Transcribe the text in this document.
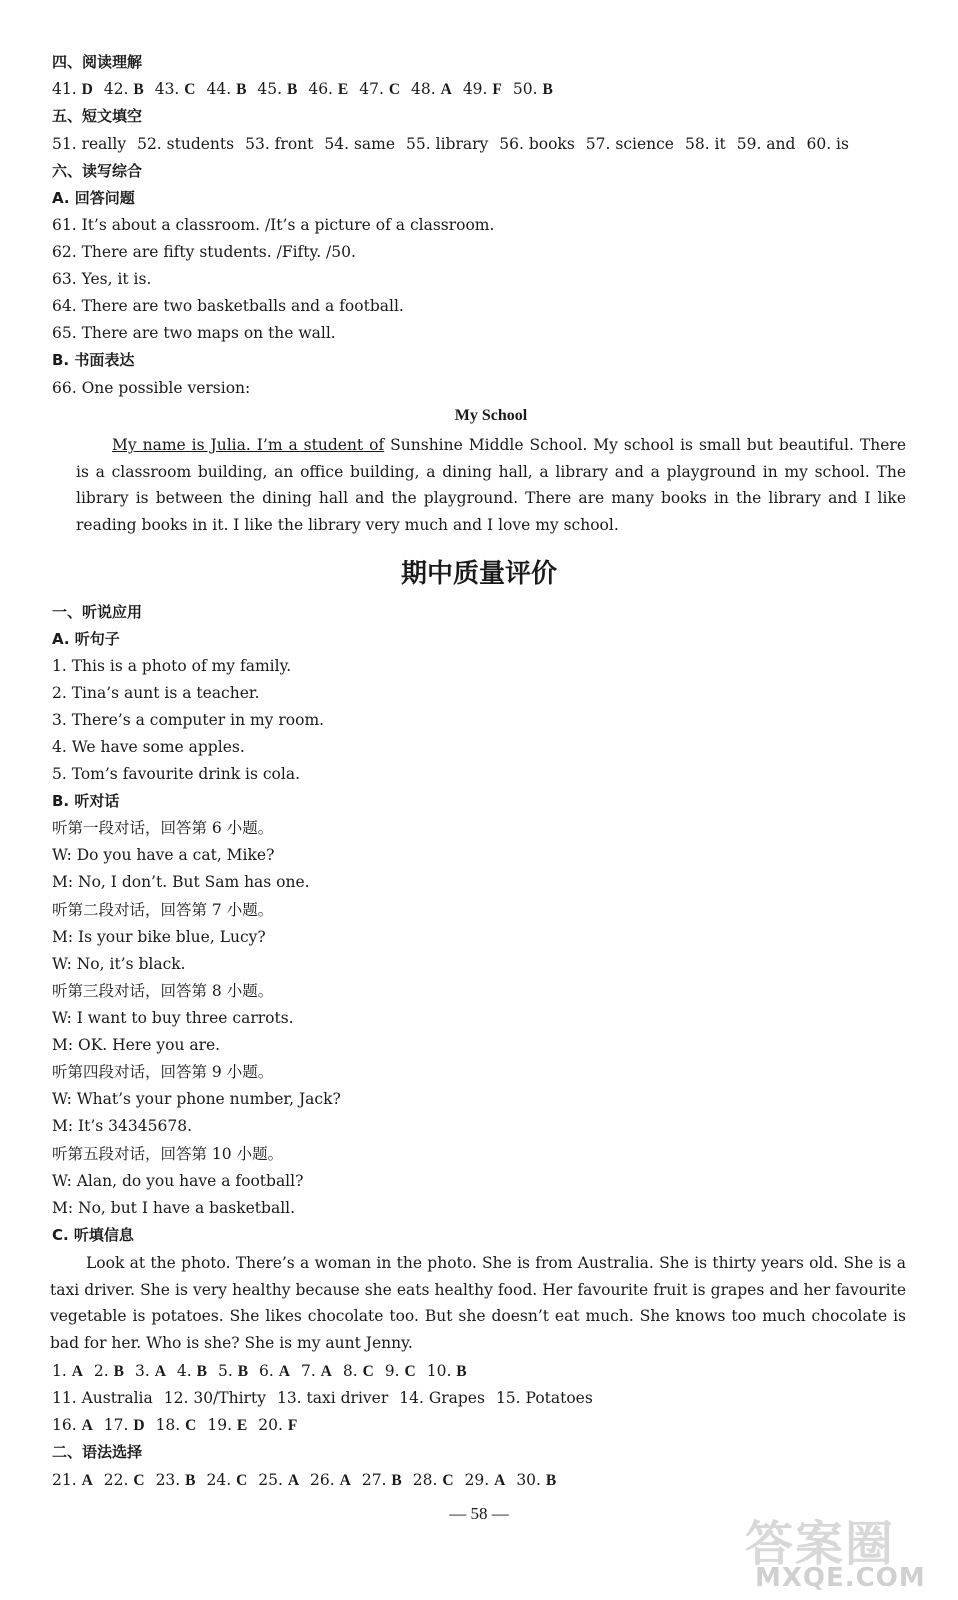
四、阅读理解
41. D 42. B 43. C 44. B 45. B 46. E 47. C 48. A 49. F 50. B
五、短文填空
51. really 52. students 53. front 54. same 55. library 56. books 57. science 58. it 59. and 60. is
六、读写综合
A. 回答问题
61. It’s about a classroom. /It’s a picture of a classroom.
62. There are fifty students. /Fifty. /50.
63. Yes, it is.
64. There are two basketballs and a football.
65. There are two maps on the wall.
B. 书面表达
66. One possible version:
My School
My name is Julia. I’m a student of Sunshine Middle School. My school is small but beautiful. There is a classroom building, an office building, a dining hall, a library and a playground in my school. The library is between the dining hall and the playground. There are many books in the library and I like reading books in it. I like the library very much and I love my school.
期中质量评价
一、听说应用
A. 听句子
1. This is a photo of my family.
2. Tina’s aunt is a teacher.
3. There’s a computer in my room.
4. We have some apples.
5. Tom’s favourite drink is cola.
B. 听对话
听第一段对话，回答第 6 小题。
W: Do you have a cat, Mike?
M: No, I don’t. But Sam has one.
听第二段对话，回答第 7 小题。
M: Is your bike blue, Lucy?
W: No, it’s black.
听第三段对话，回答第 8 小题。
W: I want to buy three carrots.
M: OK. Here you are.
听第四段对话，回答第 9 小题。
W: What’s your phone number, Jack?
M: It’s 34345678.
听第五段对话，回答第 10 小题。
W: Alan, do you have a football?
M: No, but I have a basketball.
C. 听填信息
Look at the photo. There’s a woman in the photo. She is from Australia. She is thirty years old. She is a taxi driver. She is very healthy because she eats healthy food. Her favourite fruit is grapes and her favourite vegetable is potatoes. She likes chocolate too. But she doesn’t eat much. She knows too much chocolate is bad for her. Who is she? She is my aunt Jenny.
1. A 2. B 3. A 4. B 5. B 6. A 7. A 8. C 9. C 10. B
11. Australia 12. 30/Thirty 13. taxi driver 14. Grapes 15. Potatoes
16. A 17. D 18. C 19. E 20. F
二、语法选择
21. A 22. C 23. B 24. C 25. A 26. A 27. B 28. C 29. A 30. B
— 58 —
答案圈
MXQE.COM
